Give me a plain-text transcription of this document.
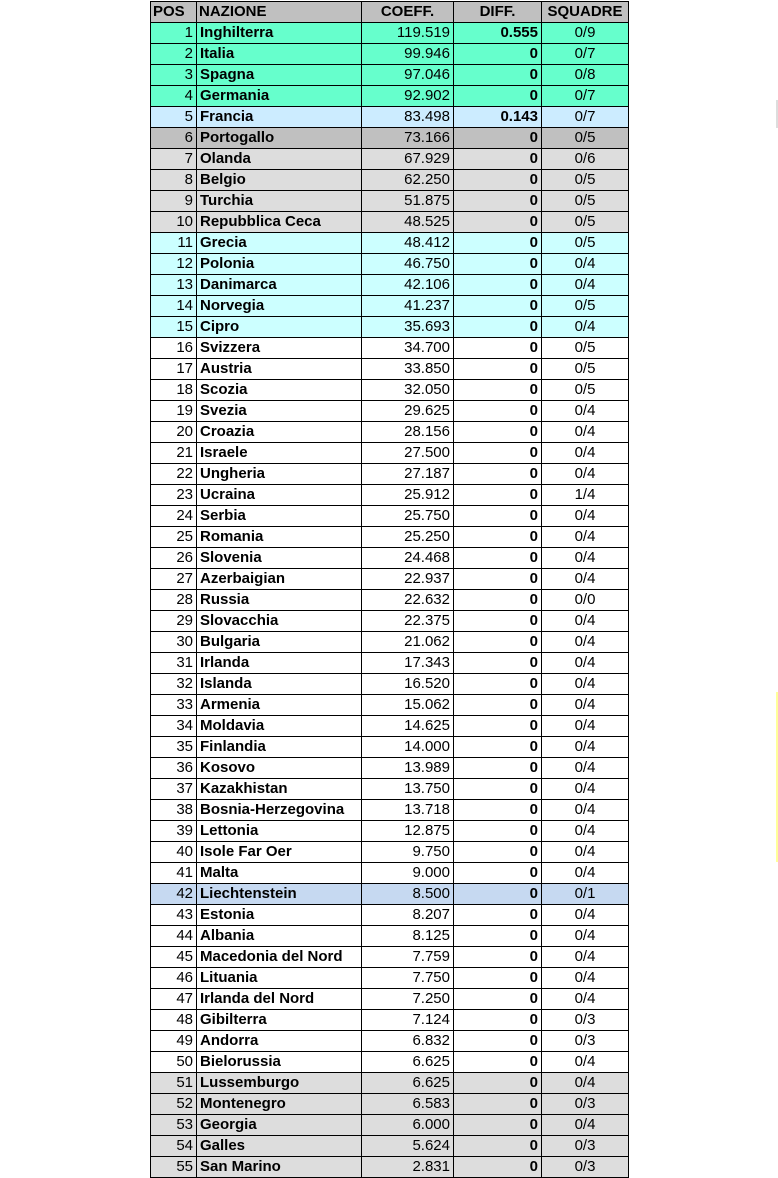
POS	NAZIONE	COEFF.	DIFF.	SQUADRE
1	Inghilterra	119.519	0.555	0/9
2	Italia	99.946	0	0/7
3	Spagna	97.046	0	0/8
4	Germania	92.902	0	0/7
5	Francia	83.498	0.143	0/7
6	Portogallo	73.166	0	0/5
7	Olanda	67.929	0	0/6
8	Belgio	62.250	0	0/5
9	Turchia	51.875	0	0/5
10	Repubblica Ceca	48.525	0	0/5
11	Grecia	48.412	0	0/5
12	Polonia	46.750	0	0/4
13	Danimarca	42.106	0	0/4
14	Norvegia	41.237	0	0/5
15	Cipro	35.693	0	0/4
16	Svizzera	34.700	0	0/5
17	Austria	33.850	0	0/5
18	Scozia	32.050	0	0/5
19	Svezia	29.625	0	0/4
20	Croazia	28.156	0	0/4
21	Israele	27.500	0	0/4
22	Ungheria	27.187	0	0/4
23	Ucraina	25.912	0	1/4
24	Serbia	25.750	0	0/4
25	Romania	25.250	0	0/4
26	Slovenia	24.468	0	0/4
27	Azerbaigian	22.937	0	0/4
28	Russia	22.632	0	0/0
29	Slovacchia	22.375	0	0/4
30	Bulgaria	21.062	0	0/4
31	Irlanda	17.343	0	0/4
32	Islanda	16.520	0	0/4
33	Armenia	15.062	0	0/4
34	Moldavia	14.625	0	0/4
35	Finlandia	14.000	0	0/4
36	Kosovo	13.989	0	0/4
37	Kazakhistan	13.750	0	0/4
38	Bosnia-Herzegovina	13.718	0	0/4
39	Lettonia	12.875	0	0/4
40	Isole Far Oer	9.750	0	0/4
41	Malta	9.000	0	0/4
42	Liechtenstein	8.500	0	0/1
43	Estonia	8.207	0	0/4
44	Albania	8.125	0	0/4
45	Macedonia del Nord	7.759	0	0/4
46	Lituania	7.750	0	0/4
47	Irlanda del Nord	7.250	0	0/4
48	Gibilterra	7.124	0	0/3
49	Andorra	6.832	0	0/3
50	Bielorussia	6.625	0	0/4
51	Lussemburgo	6.625	0	0/4
52	Montenegro	6.583	0	0/3
53	Georgia	6.000	0	0/4
54	Galles	5.624	0	0/3
55	San Marino	2.831	0	0/3
